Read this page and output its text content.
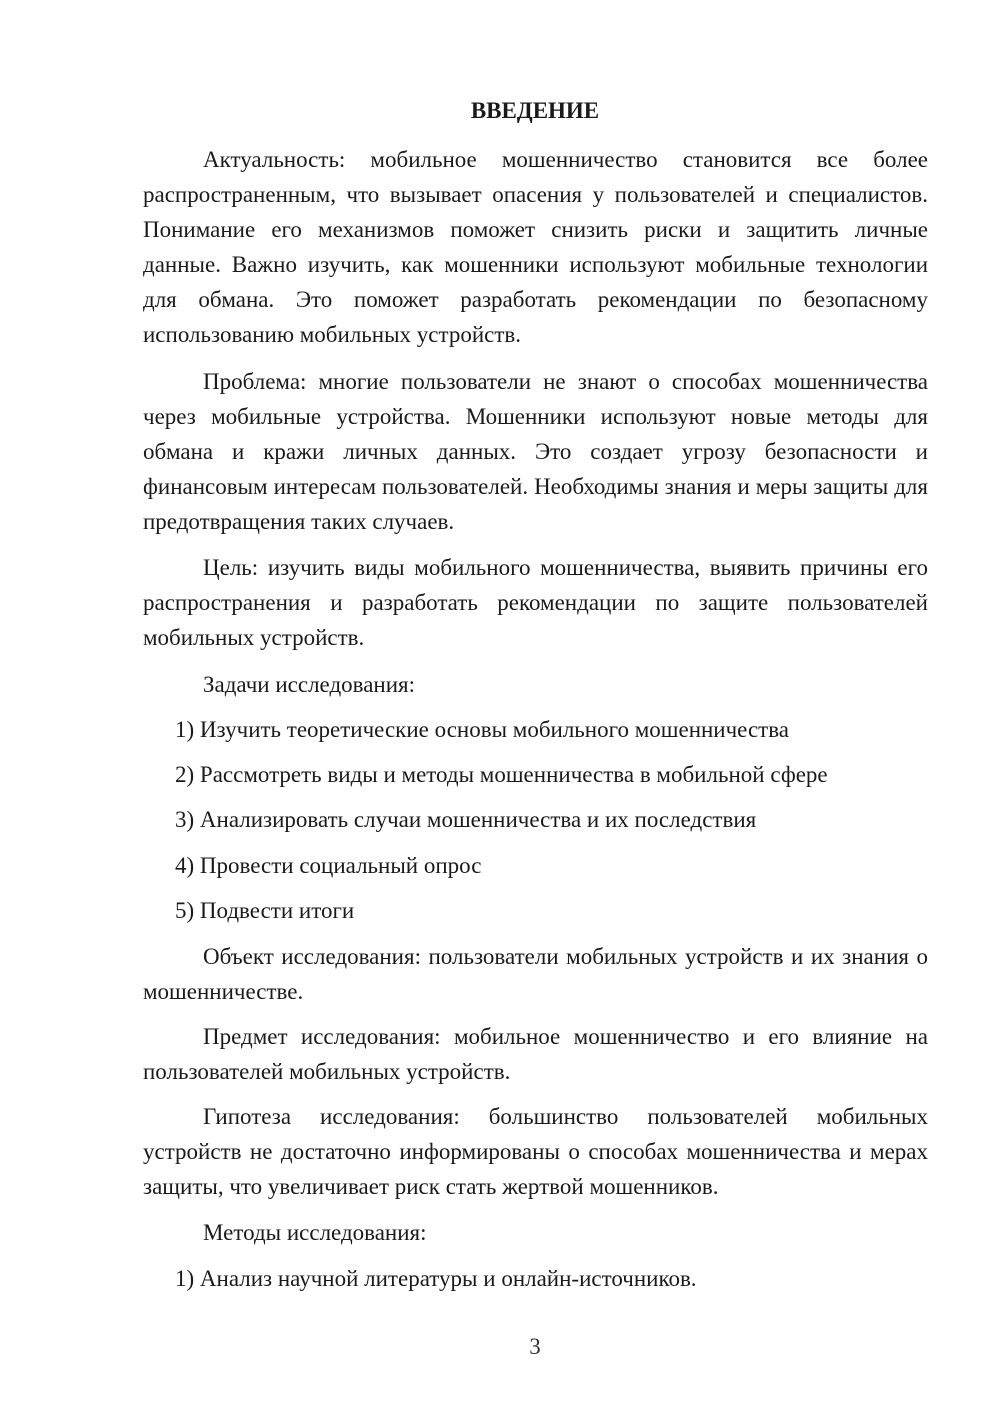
ВВЕДЕНИЕ

Актуальность: мобильное мошенничество становится все более распространенным, что вызывает опасения у пользователей и специалистов. Понимание его механизмов поможет снизить риски и защитить личные данные. Важно изучить, как мошенники используют мобильные технологии для обмана. Это поможет разработать рекомендации по безопасному использованию мобильных устройств.

Проблема: многие пользователи не знают о способах мошенничества через мобильные устройства. Мошенники используют новые методы для обмана и кражи личных данных. Это создает угрозу безопасности и финансовым интересам пользователей. Необходимы знания и меры защиты для предотвращения таких случаев.

Цель: изучить виды мобильного мошенничества, выявить причины его распространения и разработать рекомендации по защите пользователей мобильных устройств.

Задачи исследования:

1) Изучить теоретические основы мобильного мошенничества
2) Рассмотреть виды и методы мошенничества в мобильной сфере
3) Анализировать случаи мошенничества и их последствия
4) Провести социальный опрос
5) Подвести итоги

Объект исследования: пользователи мобильных устройств и их знания о мошенничестве.

Предмет исследования: мобильное мошенничество и его влияние на пользователей мобильных устройств.

Гипотеза исследования: большинство пользователей мобильных устройств не достаточно информированы о способах мошенничества и мерах защиты, что увеличивает риск стать жертвой мошенников.

Методы исследования:

1) Анализ научной литературы и онлайн-источников.
3
